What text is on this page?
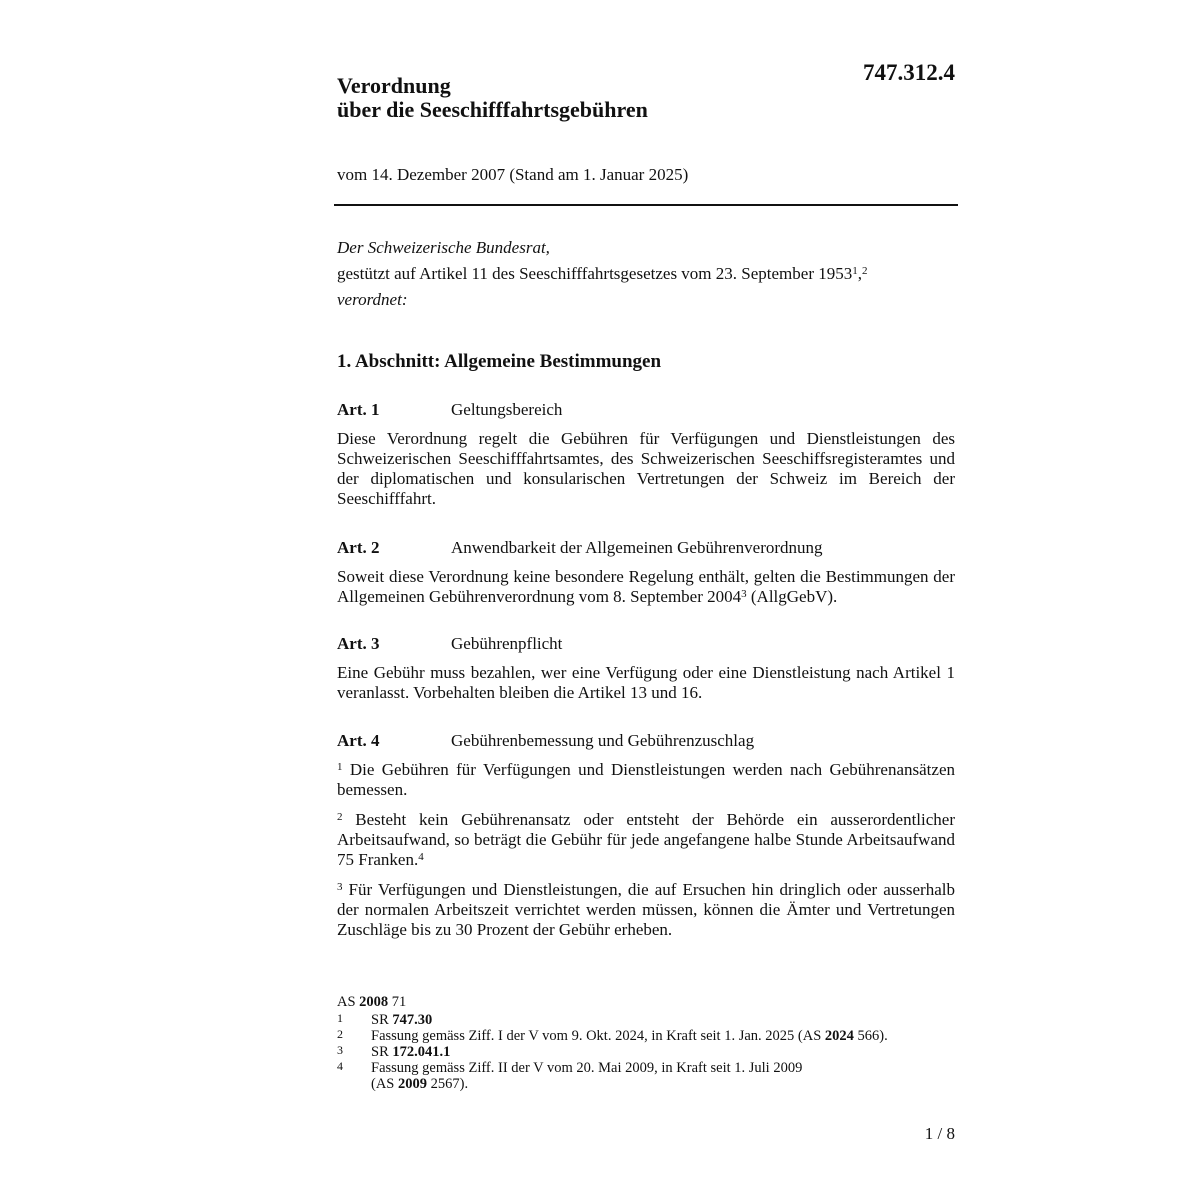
747.312.4
Verordnung
über die Seeschifffahrtsgebühren
vom 14. Dezember 2007 (Stand am 1. Januar 2025)
Der Schweizerische Bundesrat,
gestützt auf Artikel 11 des Seeschifffahrtsgesetzes vom 23. September 1953$^1$,$^2$
verordnet:
1. Abschnitt: Allgemeine Bestimmungen
Art. 1	Geltungsbereich

Diese Verordnung regelt die Gebühren für Verfügungen und Dienstleistungen des Schweizerischen Seeschifffahrtsamtes, des Schweizerischen Seeschiffsregisteramtes und der diplomatischen und konsularischen Vertretungen der Schweiz im Bereich der Seeschifffahrt.

Art. 2	Anwendbarkeit der Allgemeinen Gebührenverordnung

Soweit diese Verordnung keine besondere Regelung enthält, gelten die Bestimmungen der Allgemeinen Gebührenverordnung vom 8. September 2004$^3$ (AllgGebV).

Art. 3	Gebührenpflicht

Eine Gebühr muss bezahlen, wer eine Verfügung oder eine Dienstleistung nach Artikel 1 veranlasst. Vorbehalten bleiben die Artikel 13 und 16.

Art. 4	Gebührenbemessung und Gebührenzuschlag

$^1$ Die Gebühren für Verfügungen und Dienstleistungen werden nach Gebührenansätzen bemessen.

$^2$ Besteht kein Gebührenansatz oder entsteht der Behörde ein ausserordentlicher Arbeitsaufwand, so beträgt die Gebühr für jede angefangene halbe Stunde Arbeitsaufwand 75 Franken.$^4$

$^3$ Für Verfügungen und Dienstleistungen, die auf Ersuchen hin dringlich oder ausserhalb der normalen Arbeitszeit verrichtet werden müssen, können die Ämter und Vertretungen Zuschläge bis zu 30 Prozent der Gebühr erheben.

AS 2008 71
1 SR 747.30
2 Fassung gemäss Ziff. I der V vom 9. Okt. 2024, in Kraft seit 1. Jan. 2025 (AS 2024 566).
3 SR 172.041.1
4 Fassung gemäss Ziff. II der V vom 20. Mai 2009, in Kraft seit 1. Juli 2009
(AS 2009 2567).
1 / 8
